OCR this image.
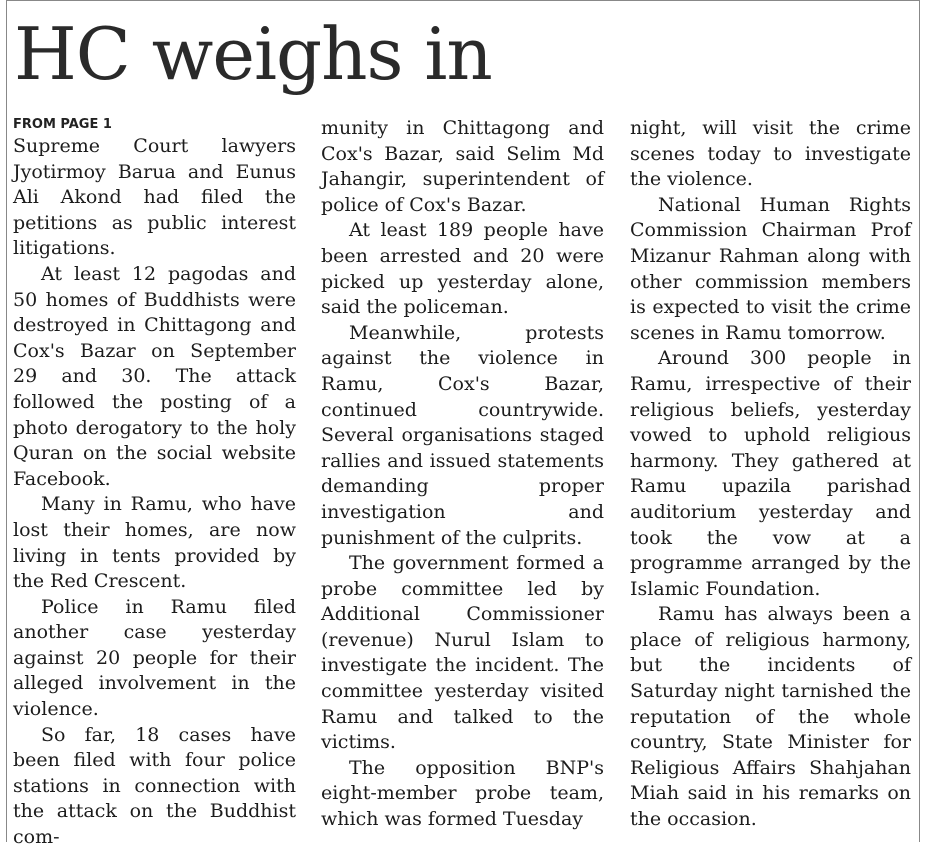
HC weighs in
FROM PAGE 1

Supreme Court lawyers Jyotirmoy Barua and Eunus Ali Akond had filed the petitions as public interest litigations.

At least 12 pagodas and 50 homes of Buddhists were destroyed in Chittagong and Cox's Bazar on September 29 and 30. The attack followed the posting of a photo derogatory to the holy Quran on the social website Facebook.

Many in Ramu, who have lost their homes, are now living in tents provided by the Red Crescent.

Police in Ramu filed another case yesterday against 20 people for their alleged involvement in the violence.

So far, 18 cases have been filed with four police stations in connection with the attack on the Buddhist com-

munity in Chittagong and Cox's Bazar, said Selim Md Jahangir, superintendent of police of Cox's Bazar.

At least 189 people have been arrested and 20 were picked up yesterday alone, said the policeman.

Meanwhile, protests against the violence in Ramu, Cox's Bazar, continued countrywide. Several organisations staged rallies and issued statements demanding proper investigation and punishment of the culprits.

The government formed a probe committee led by Additional Commissioner (revenue) Nurul Islam to investigate the incident. The committee yesterday visited Ramu and talked to the victims.

The opposition BNP's eight-member probe team, which was formed Tuesday

night, will visit the crime scenes today to investigate the violence.

National Human Rights Commission Chairman Prof Mizanur Rahman along with other commission members is expected to visit the crime scenes in Ramu tomorrow.

Around 300 people in Ramu, irrespective of their religious beliefs, yesterday vowed to uphold religious harmony. They gathered at Ramu upazila parishad auditorium yesterday and took the vow at a programme arranged by the Islamic Foundation.

Ramu has always been a place of religious harmony, but the incidents of Saturday night tarnished the reputation of the whole country, State Minister for Religious Affairs Shahjahan Miah said in his remarks on the occasion.
